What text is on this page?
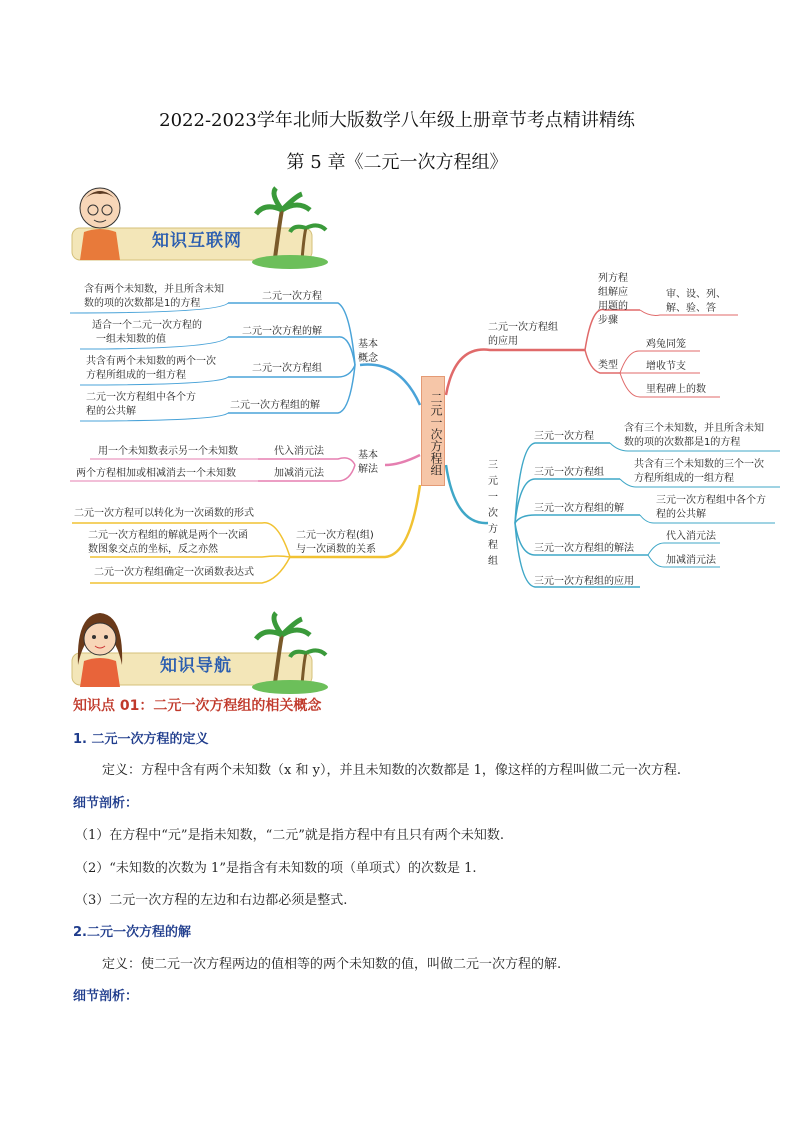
2022-2023学年北师大版数学八年级上册章节考点精讲精练
第 5 章《二元一次方程组》
知识互联网
二元一次方程组
含有两个未知数，并且所含未知
数的项的次数都是1的方程
二元一次方程
适合一个二元一次方程的
一组未知数的值
二元一次方程的解
共含有两个未知数的两个一次
方程所组成的一组方程
二元一次方程组
二元一次方程组中各个方
程的公共解
二元一次方程组的解
基本
概念
基本
解法
用一个未知数表示另一个未知数	代入消元法
两个方程相加或相减消去一个未知数	加减消元法
二元一次方程可以转化为一次函数的形式
二元一次方程组的解就是两个一次函
数图象交点的坐标，反之亦然
二元一次方程组确定一次函数表达式
二元一次方程(组)
与一次函数的关系
二元一次方程组
的应用
列方程
组解应
用题的
步骤
审、设、列、
解、验、答
类型
鸡兔同笼
增收节支
里程碑上的数
三元一次方程组
三元一次方程
含有三个未知数，并且所含未知
数的项的次数都是1的方程
三元一次方程组
共含有三个未知数的三个一次
方程所组成的一组方程
三元一次方程组的解
三元一次方程组中各个方
程的公共解
三元一次方程组的解法
代入消元法
加减消元法
三元一次方程组的应用
知识导航
知识点 01：二元一次方程组的相关概念
1. 二元一次方程的定义
定义：方程中含有两个未知数（x 和 y），并且未知数的次数都是 1，像这样的方程叫做二元一次方程.
细节剖析：
（1）在方程中“元”是指未知数，“二元”就是指方程中有且只有两个未知数.
（2）“未知数的次数为 1”是指含有未知数的项（单项式）的次数是 1.
（3）二元一次方程的左边和右边都必须是整式.
2.二元一次方程的解
定义：使二元一次方程两边的值相等的两个未知数的值，叫做二元一次方程的解.
细节剖析：
